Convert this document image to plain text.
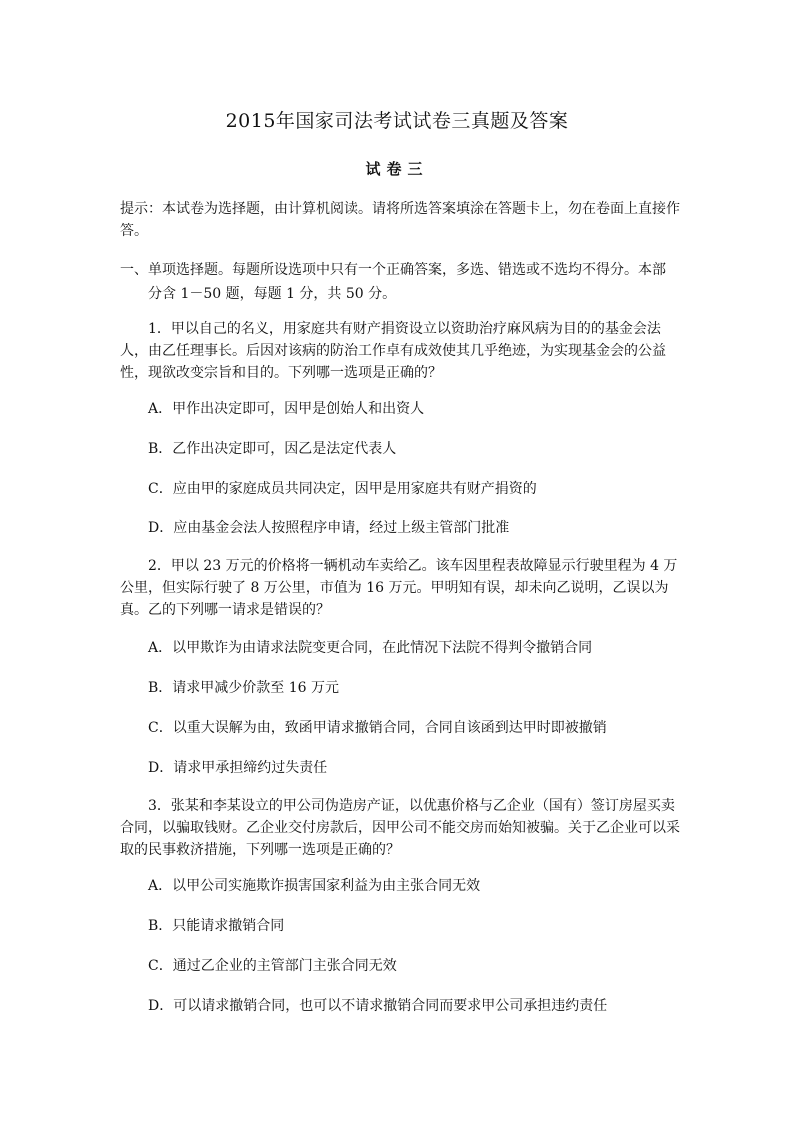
2015年国家司法考试试卷三真题及答案
试卷三
提示：本试卷为选择题，由计算机阅读。请将所选答案填涂在答题卡上，勿在卷面上直接作答。
一、单项选择题。每题所设选项中只有一个正确答案，多选、错选或不选均不得分。本部
分含 1－50 题，每题 1 分，共 50 分。
1．甲以自己的名义，用家庭共有财产捐资设立以资助治疗麻风病为目的的基金会法人，由乙任理事长。后因对该病的防治工作卓有成效使其几乎绝迹，为实现基金会的公益性，现欲改变宗旨和目的。下列哪一选项是正确的？
A．甲作出决定即可，因甲是创始人和出资人
B．乙作出决定即可，因乙是法定代表人
C．应由甲的家庭成员共同决定，因甲是用家庭共有财产捐资的
D．应由基金会法人按照程序申请，经过上级主管部门批准
2．甲以 23 万元的价格将一辆机动车卖给乙。该车因里程表故障显示行驶里程为 4 万公里，但实际行驶了 8 万公里，市值为 16 万元。甲明知有误，却未向乙说明，乙误以为真。乙的下列哪一请求是错误的？
A．以甲欺诈为由请求法院变更合同，在此情况下法院不得判令撤销合同
B．请求甲减少价款至 16 万元
C．以重大误解为由，致函甲请求撤销合同，合同自该函到达甲时即被撤销
D．请求甲承担缔约过失责任
3．张某和李某设立的甲公司伪造房产证，以优惠价格与乙企业（国有）签订房屋买卖合同，以骗取钱财。乙企业交付房款后，因甲公司不能交房而始知被骗。关于乙企业可以采取的民事救济措施，下列哪一选项是正确的？
A．以甲公司实施欺诈损害国家利益为由主张合同无效
B．只能请求撤销合同
C．通过乙企业的主管部门主张合同无效
D．可以请求撤销合同，也可以不请求撤销合同而要求甲公司承担违约责任
